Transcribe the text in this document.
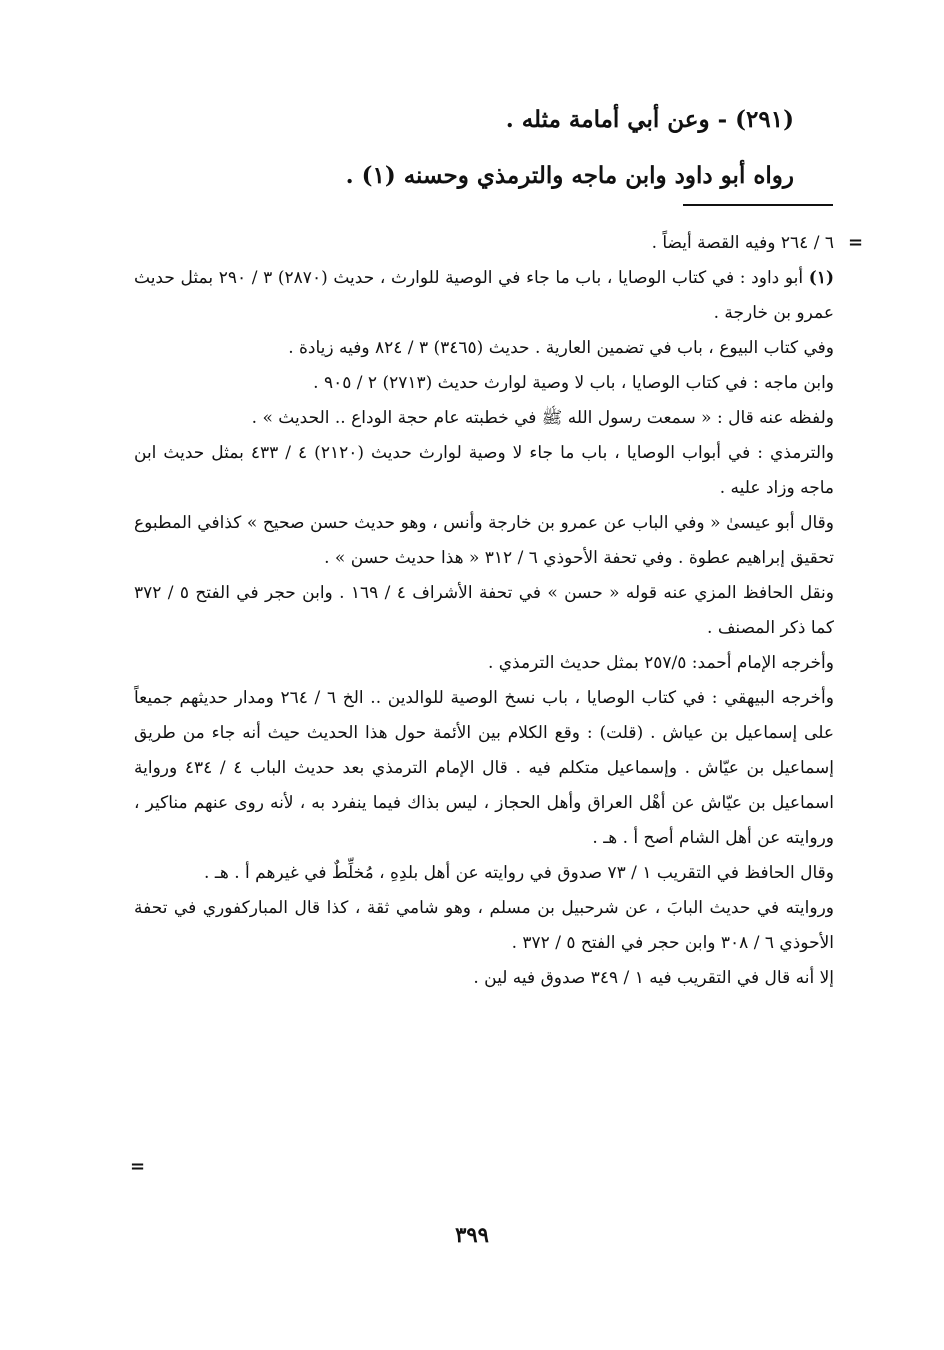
(٢٩١) - وعن أبي أمامة مثله .

رواه أبو داود وابن ماجه والترمذي وحسنه (١) .

=

٦ / ٢٦٤ وفيه القصة أيضاً .

(١) أبو داود : في كتاب الوصايا ، باب ما جاء في الوصية للوارث ، حديث (٢٨٧٠) ٣ / ٢٩٠ بمثل حديث عمرو بن خارجة .

وفي كتاب البيوع ، باب في تضمين العارية . حديث (٣٤٦٥) ٣ / ٨٢٤ وفيه زيادة .

وابن ماجه : في كتاب الوصايا ، باب لا وصية لوارث حديث (٢٧١٣) ٢ / ٩٠٥ .

ولفظه عنه قال : « سمعت رسول الله ﷺ في خطبته عام حجة الوداع .. الحديث » .

والترمذي : في أبواب الوصايا ، باب ما جاء لا وصية لوارث حديث (٢١٢٠) ٤ / ٤٣٣ بمثل حديث ابن ماجه وزاد عليه .

وقال أبو عيسىٰ « وفي الباب عن عمرو بن خارجة وأنس ، وهو حديث حسن صحيح » كذافي المطبوع تحقيق إبراهيم عطوة . وفي تحفة الأحوذي ٦ / ٣١٢ « هذا حديث حسن » .

ونقل الحافظ المزي عنه قوله « حسن » في تحفة الأشراف ٤ / ١٦٩ . وابن حجر في الفتح ٥ / ٣٧٢ كما ذكر المصنف .

وأخرجه الإمام أحمد: ٢٥٧/٥ بمثل حديث الترمذي .

وأخرجه البيهقي : في كتاب الوصايا ، باب نسخ الوصية للوالدين .. الخ ٦ / ٢٦٤ ومدار حديثهم جميعاً على إسماعيل بن عياش . (قلت) : وقع الكلام بين الأئمة حول هذا الحديث حيث أنه جاء من طريق إسماعيل بن عيّاش . وإسماعيل متكلم فيه . قال الإمام الترمذي بعد حديث الباب ٤ / ٤٣٤ ورواية اسماعيل بن عيّاش عن أهْل العراق وأهل الحجاز ، ليس بذاك فيما ينفرد به ، لأنه روى عنهم مناكير ، وروايته عن أهل الشام أصح أ . هـ .

وقال الحافظ في التقريب ١ / ٧٣ صدوق في روايته عن أهل بلدِهِ ، مُخلِّطٌ في غيرهم أ . هـ .

وروايته في حديث البابَ ، عن شرحبيل بن مسلم ، وهو شامي ثقة ، كذا قال المباركفوري في تحفة الأحوذي ٦ / ٣٠٨ وابن حجر في الفتح ٥ / ٣٧٢ .

إلا أنه قال في التقريب فيه ١ / ٣٤٩ صدوق فيه لين .

=
٣٩٩
